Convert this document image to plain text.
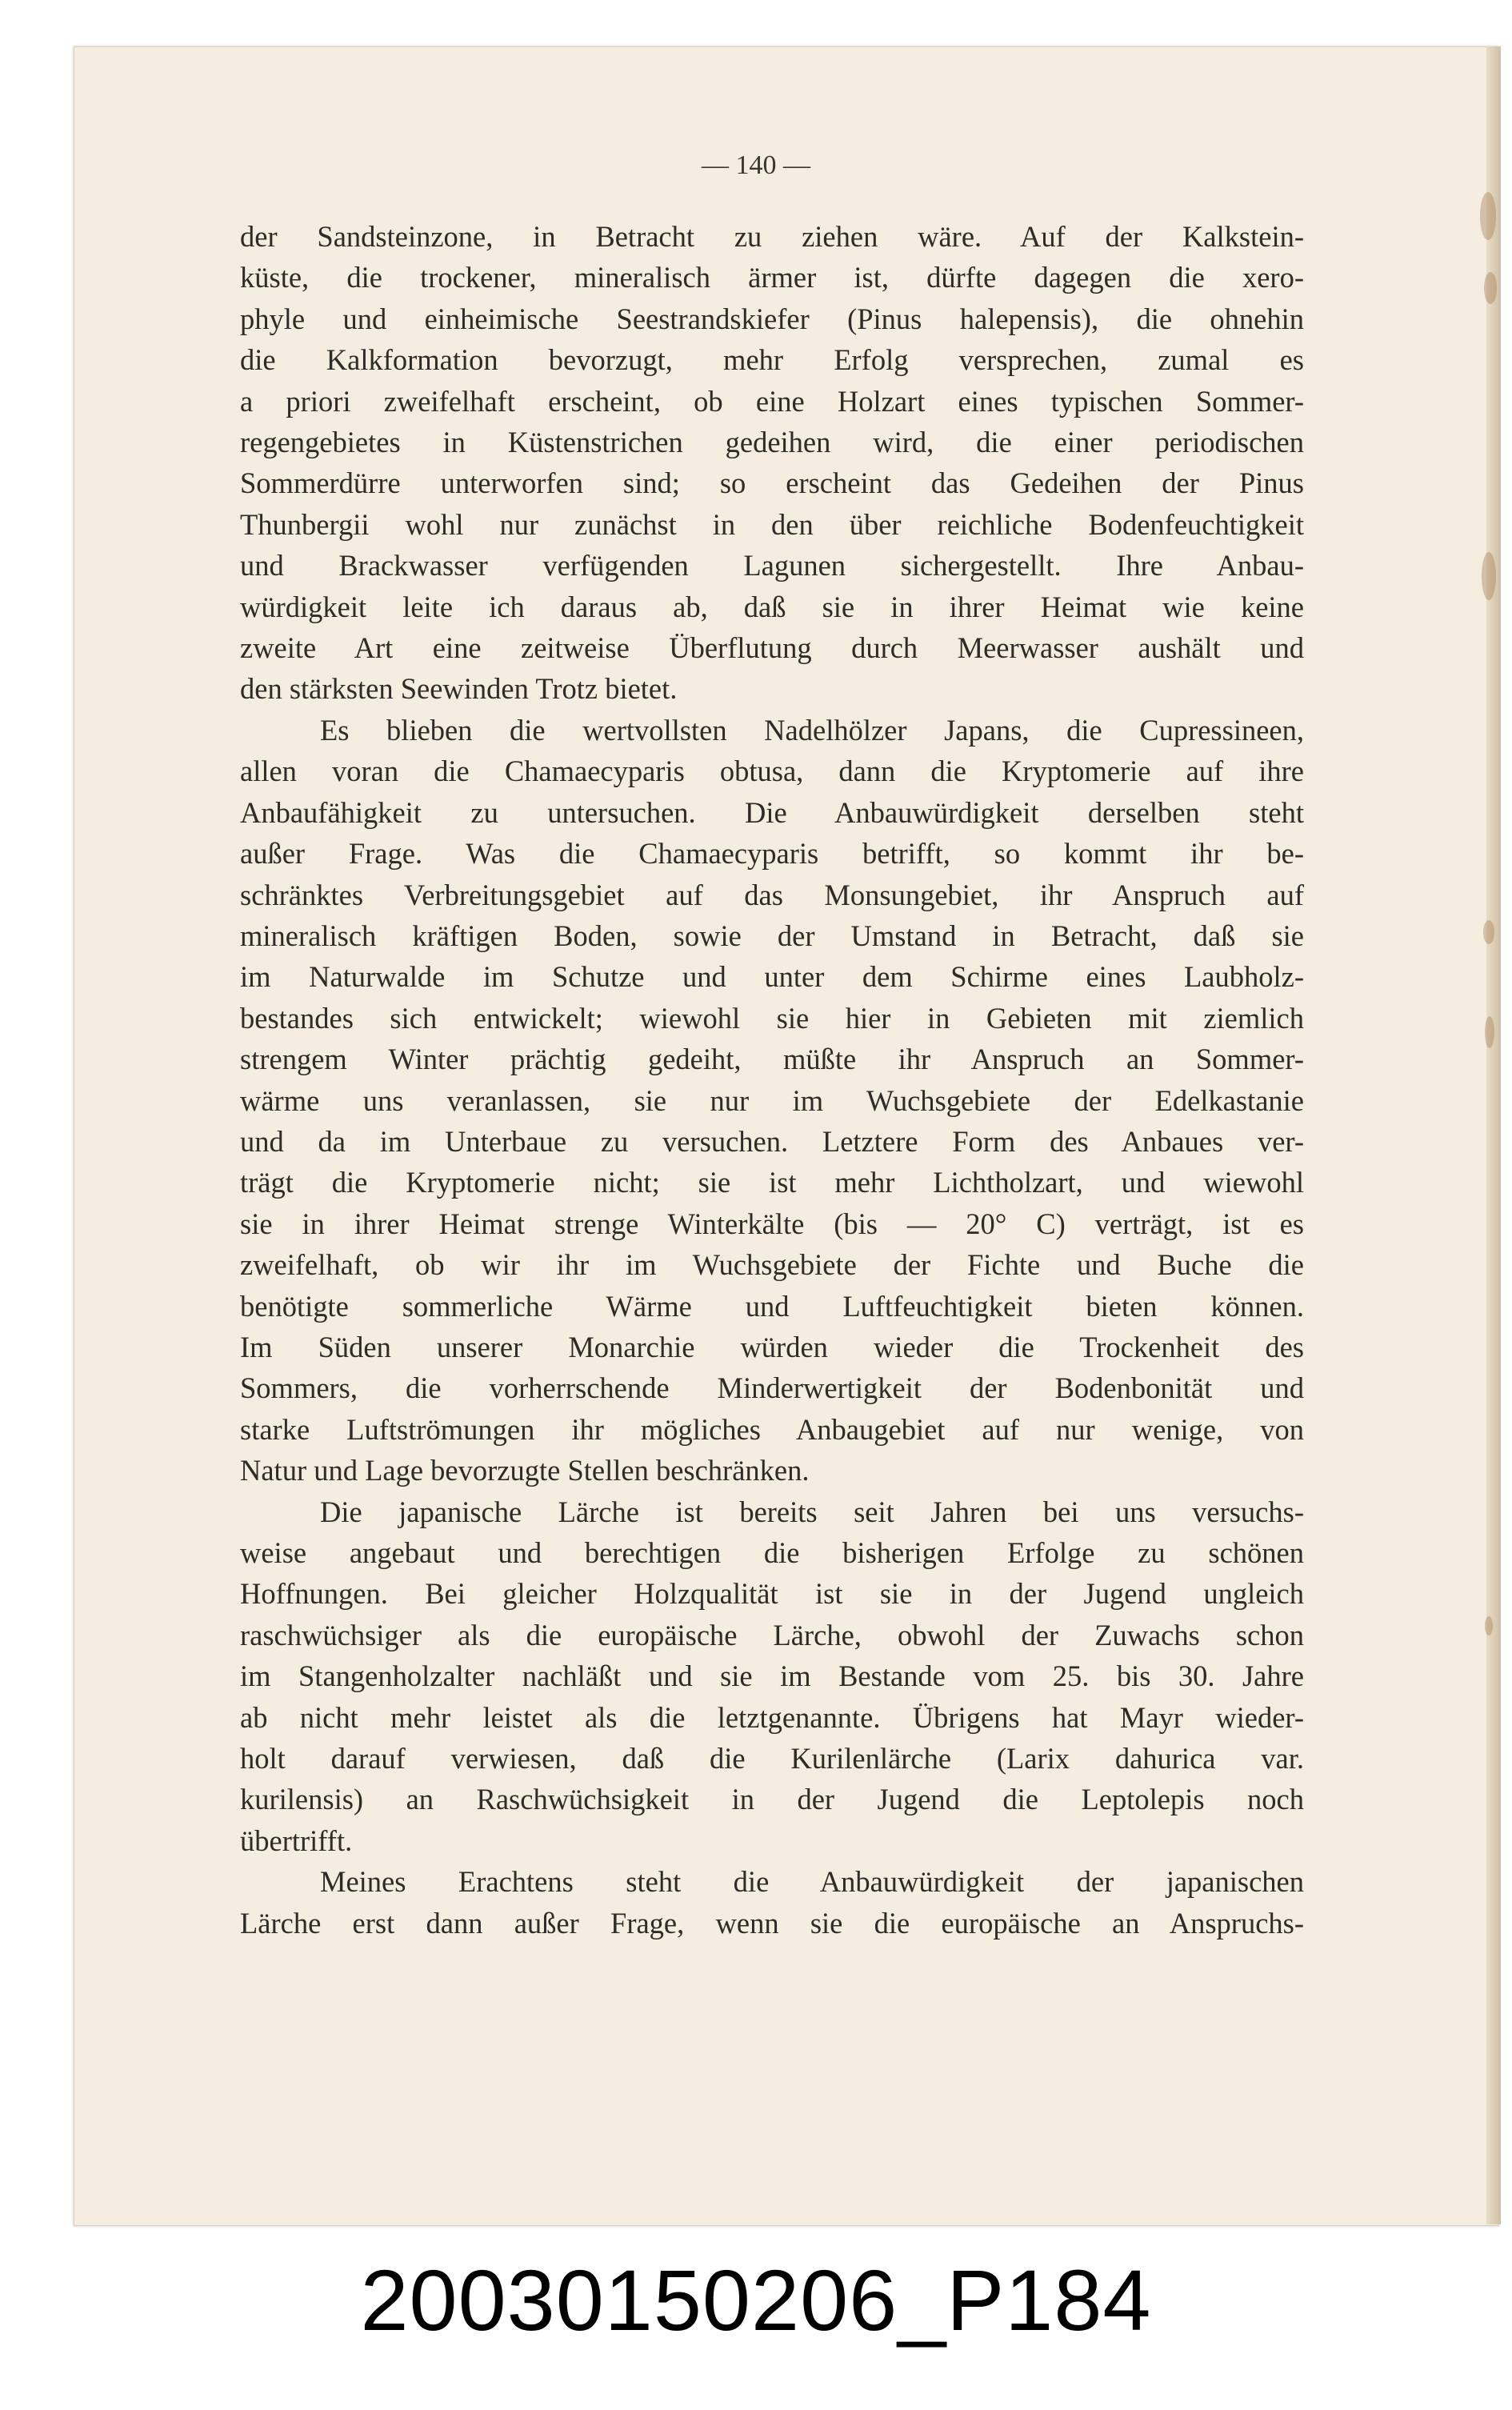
— 140 —
der Sandsteinzone, in Betracht zu ziehen wäre. Auf der Kalkstein-
küste, die trockener, mineralisch ärmer ist, dürfte dagegen die xero-
phyle und einheimische Seestrandskiefer (Pinus halepensis), die ohnehin
die Kalkformation bevorzugt, mehr Erfolg versprechen, zumal es
a priori zweifelhaft erscheint, ob eine Holzart eines typischen Sommer-
regengebietes in Küstenstrichen gedeihen wird, die einer periodischen
Sommerdürre unterworfen sind; so erscheint das Gedeihen der Pinus
Thunbergii wohl nur zunächst in den über reichliche Bodenfeuchtigkeit
und Brackwasser verfügenden Lagunen sichergestellt. Ihre Anbau-
würdigkeit leite ich daraus ab, daß sie in ihrer Heimat wie keine
zweite Art eine zeitweise Überflutung durch Meerwasser aushält und
den stärksten Seewinden Trotz bietet.
Es blieben die wertvollsten Nadelhölzer Japans, die Cupressineen,
allen voran die Chamaecyparis obtusa, dann die Kryptomerie auf ihre
Anbaufähigkeit zu untersuchen. Die Anbauwürdigkeit derselben steht
außer Frage. Was die Chamaecyparis betrifft, so kommt ihr be-
schränktes Verbreitungsgebiet auf das Monsungebiet, ihr Anspruch auf
mineralisch kräftigen Boden, sowie der Umstand in Betracht, daß sie
im Naturwalde im Schutze und unter dem Schirme eines Laubholz-
bestandes sich entwickelt; wiewohl sie hier in Gebieten mit ziemlich
strengem Winter prächtig gedeiht, müßte ihr Anspruch an Sommer-
wärme uns veranlassen, sie nur im Wuchsgebiete der Edelkastanie
und da im Unterbaue zu versuchen. Letztere Form des Anbaues ver-
trägt die Kryptomerie nicht; sie ist mehr Lichtholzart, und wiewohl
sie in ihrer Heimat strenge Winterkälte (bis — 20° C) verträgt, ist es
zweifelhaft, ob wir ihr im Wuchsgebiete der Fichte und Buche die
benötigte sommerliche Wärme und Luftfeuchtigkeit bieten können.
Im Süden unserer Monarchie würden wieder die Trockenheit des
Sommers, die vorherrschende Minderwertigkeit der Bodenbonität und
starke Luftströmungen ihr mögliches Anbaugebiet auf nur wenige, von
Natur und Lage bevorzugte Stellen beschränken.
Die japanische Lärche ist bereits seit Jahren bei uns versuchs-
weise angebaut und berechtigen die bisherigen Erfolge zu schönen
Hoffnungen. Bei gleicher Holzqualität ist sie in der Jugend ungleich
raschwüchsiger als die europäische Lärche, obwohl der Zuwachs schon
im Stangenholzalter nachläßt und sie im Bestande vom 25. bis 30. Jahre
ab nicht mehr leistet als die letztgenannte. Übrigens hat Mayr wieder-
holt darauf verwiesen, daß die Kurilenlärche (Larix dahurica var.
kurilensis) an Raschwüchsigkeit in der Jugend die Leptolepis noch
übertrifft.
Meines Erachtens steht die Anbauwürdigkeit der japanischen
Lärche erst dann außer Frage, wenn sie die europäische an Anspruchs-
20030150206_P184
